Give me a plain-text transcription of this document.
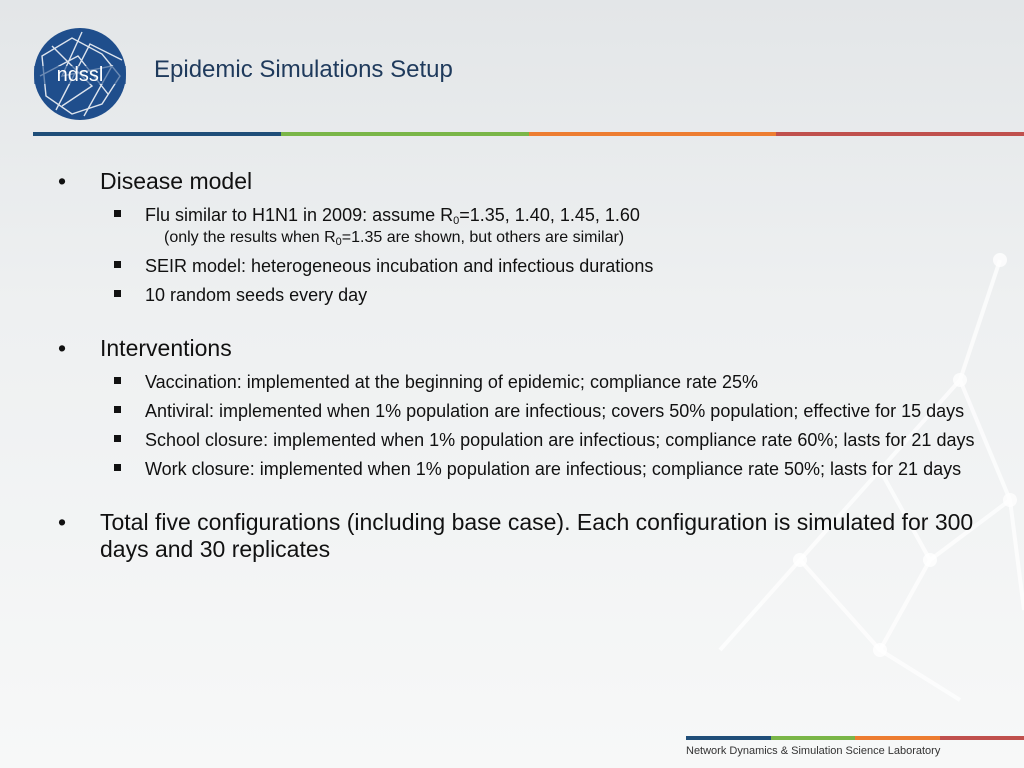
ndssl Epidemic Simulations Setup
• Disease model
Flu similar to H1N1 in 2009: assume $R_0=1.35$, 1.40, 1.45, 1.60
(only the results when $R_0=1.35$ are shown, but others are similar)
SEIR model: heterogeneous incubation and infectious durations
10 random seeds every day
• Interventions
Vaccination: implemented at the beginning of epidemic; compliance rate 25%
Antiviral: implemented when 1% population are infectious; covers 50% population; effective for 15 days
School closure: implemented when 1% population are infectious; compliance rate 60%; lasts for 21 days
Work closure: implemented when 1% population are infectious; compliance rate 50%; lasts for 21 days
• Total five configurations (including base case). Each configuration is simulated for 300 days and 30 replicates
Network Dynamics & Simulation Science Laboratory
